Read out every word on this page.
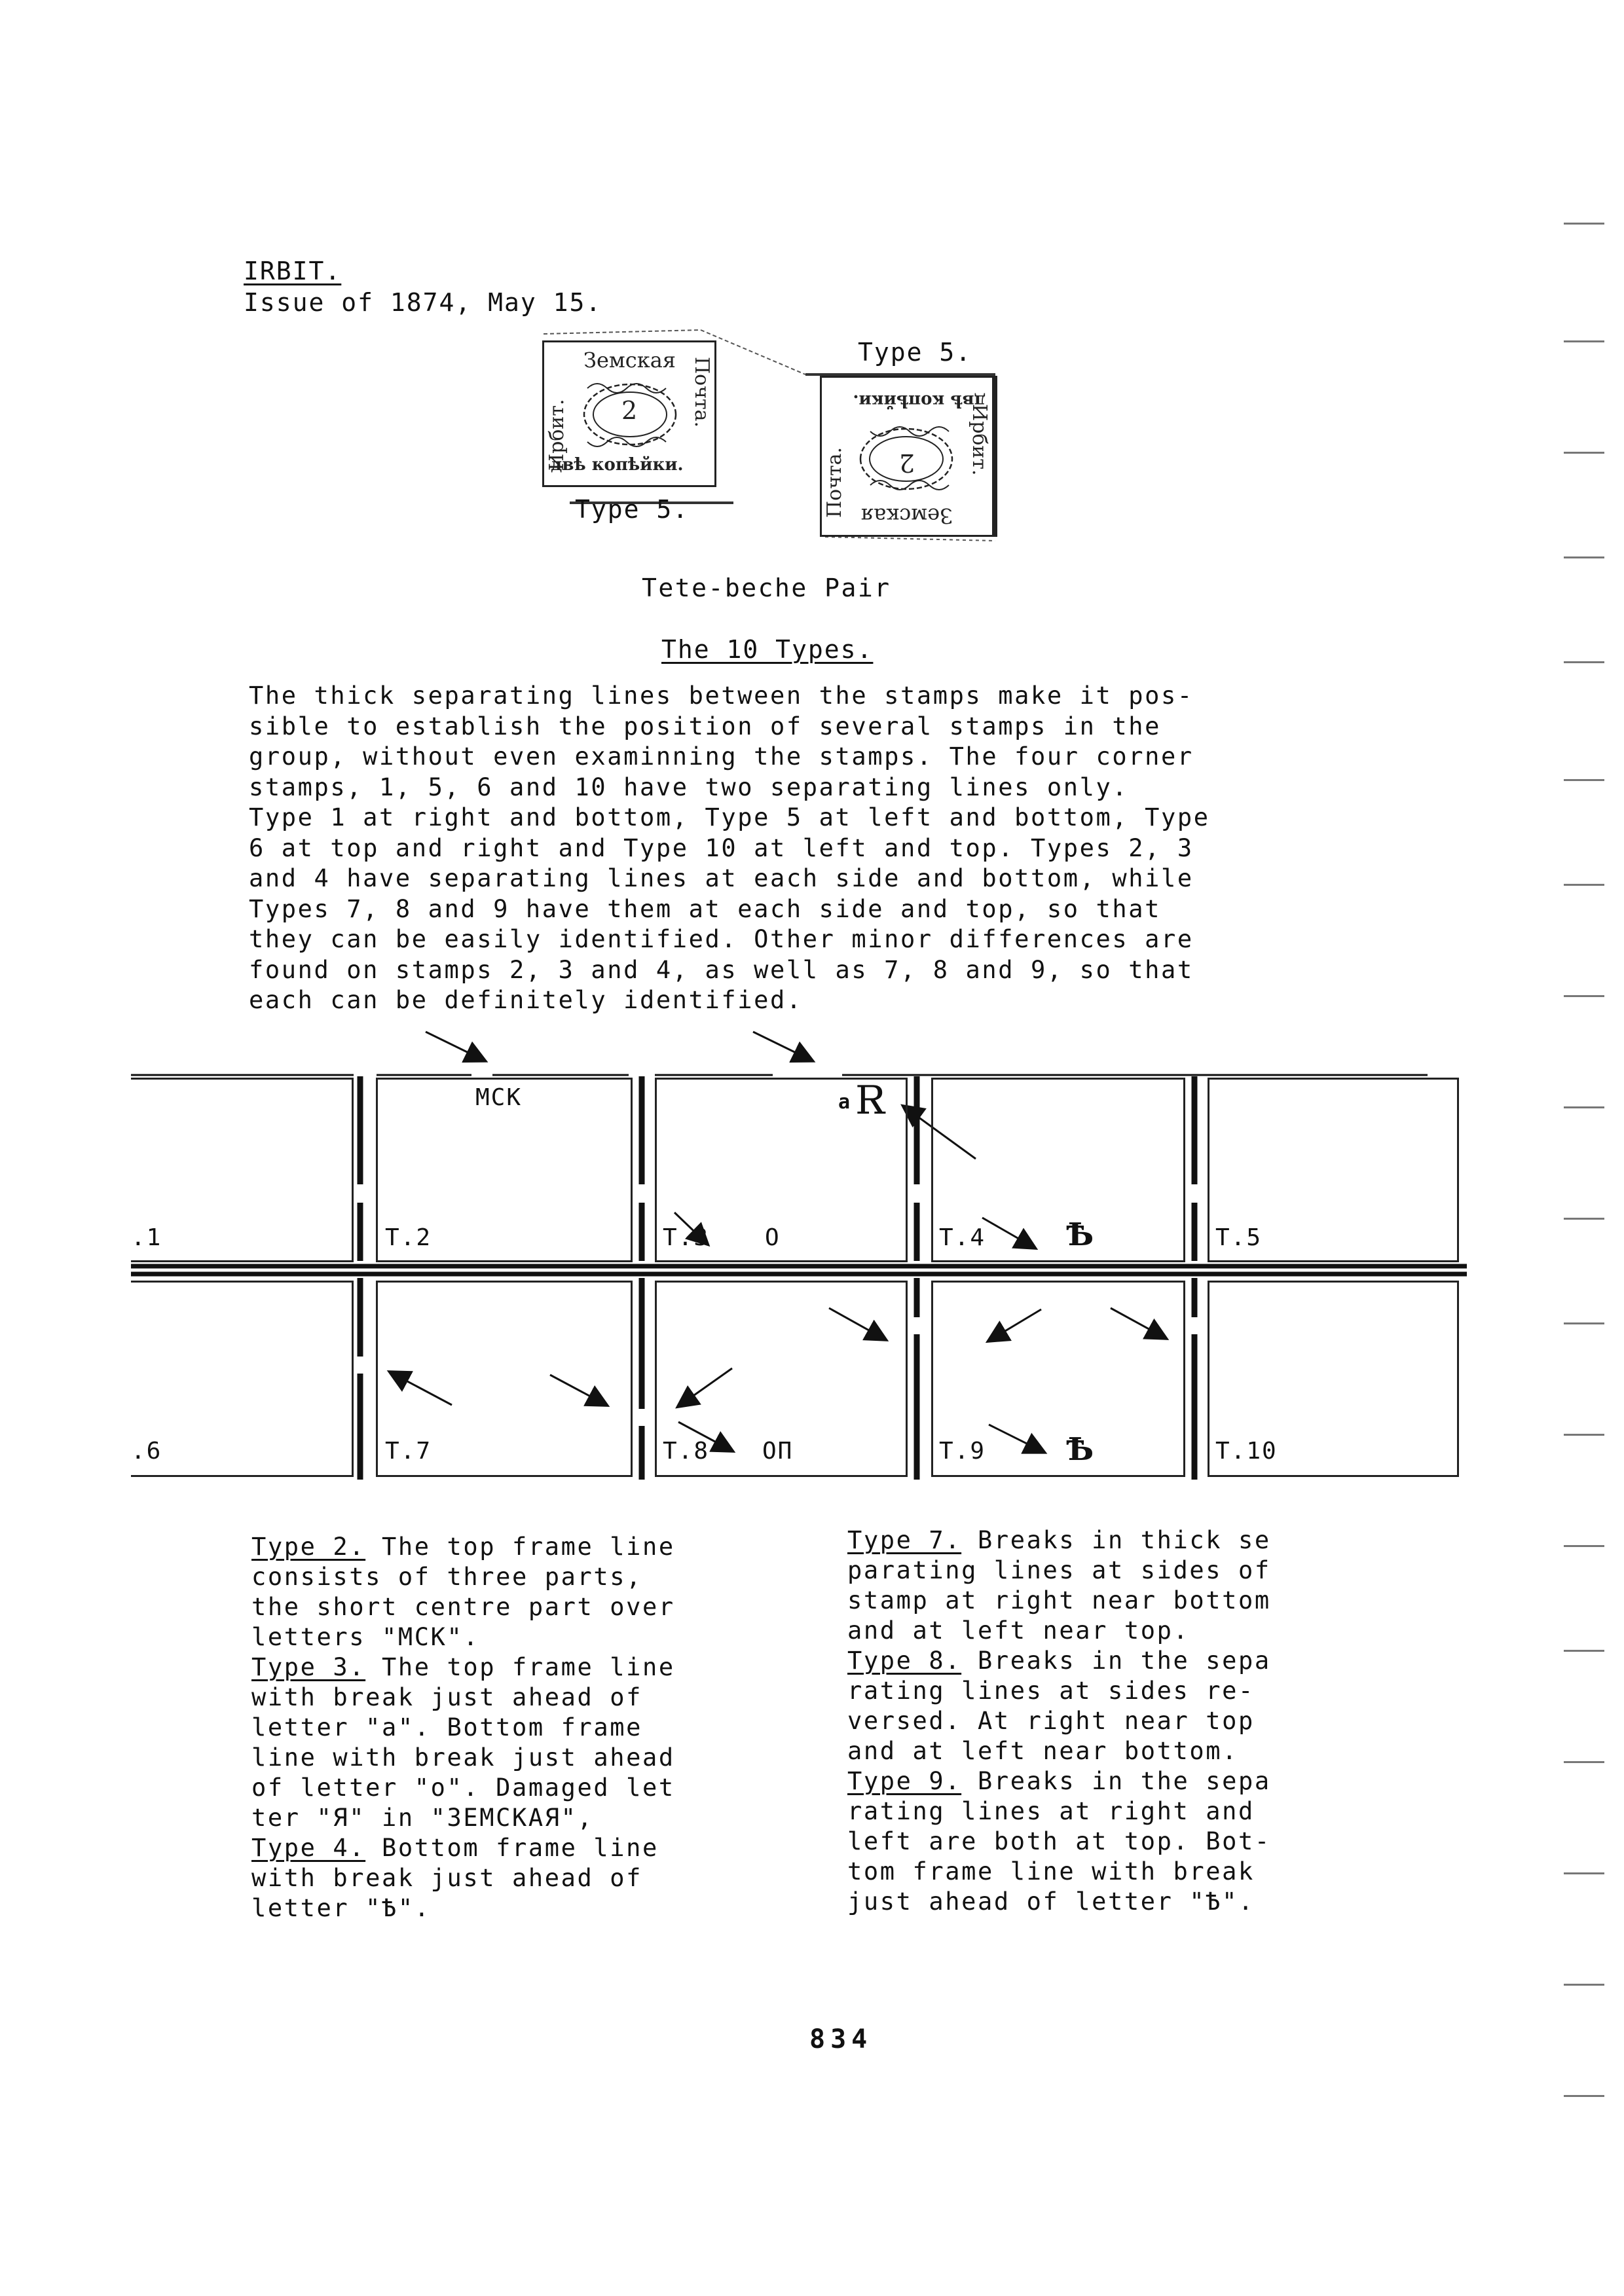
IRBIT.
Issue of 1874, May 15.
Земская
Ирбит.
Почта.
2
двѣ копѣйки.
Type 5.
Type 5.
Земская
Ирбит.
Почта. 2
двѣ копѣйки.
Tete-beche Pair
The 10 Types.
The thick separating lines between the stamps make it pos-
sible to establish the position of several stamps in the
group, without even examinning the stamps. The four corner
stamps, 1, 5, 6 and 10 have two separating lines only.
Type 1 at right and bottom, Type 5 at left and bottom, Type
6 at top and right and Type 10 at left and top. Types 2, 3
and 4 have separating lines at each side and bottom, while
Types 7, 8 and 9 have them at each side and top, so that
they can be easily identified. Other minor differences are
found on stamps 2, 3 and 4, as well as 7, 8 and 9, so that
each can be definitely identified.
.1	T.2	T.3	T.4	T.5
.6	T.7	T.8	T.9	T.10
MCK	a Я
O	Ѣ
OП	Ѣ
Type 2. The top frame line
consists of three parts,
the short centre part over
letters "MCK".
Type 3. The top frame line
with break just ahead of
letter "a". Bottom frame
line with break just ahead
of letter "o". Damaged let
ter "Я" in "ЗЕМСКАЯ",
Type 4. Bottom frame line
with break just ahead of
letter "Ѣ".
Type 7. Breaks in thick se
parating lines at sides of
stamp at right near bottom
and at left near top.
Type 8. Breaks in the sepa
rating lines at sides re-
versed. At right near top
and at left near bottom.
Type 9. Breaks in the sepa
rating lines at right and
left are both at top. Bot-
tom frame line with break
just ahead of letter "Ѣ".
834
